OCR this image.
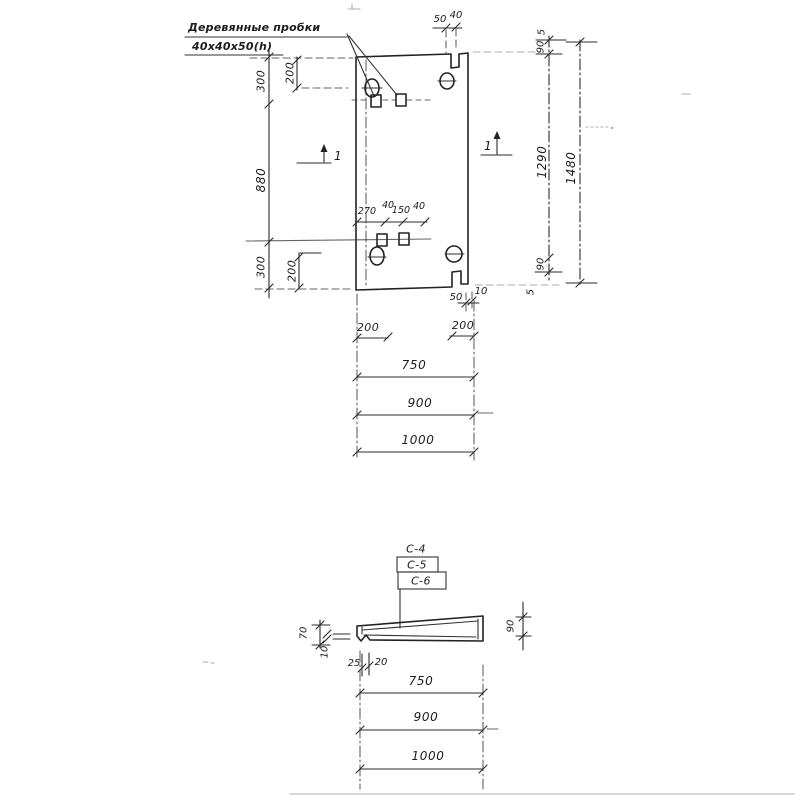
Деревянные пробки
40х40х50(h)
1
1
300 200
880
300 200
5
90
1290 1480
90
5
50 40
50
10
270
40
150 40
200	200
750
900
1000
C-4
C-5
C-6
70
10
90
25 20
750
900
1000
